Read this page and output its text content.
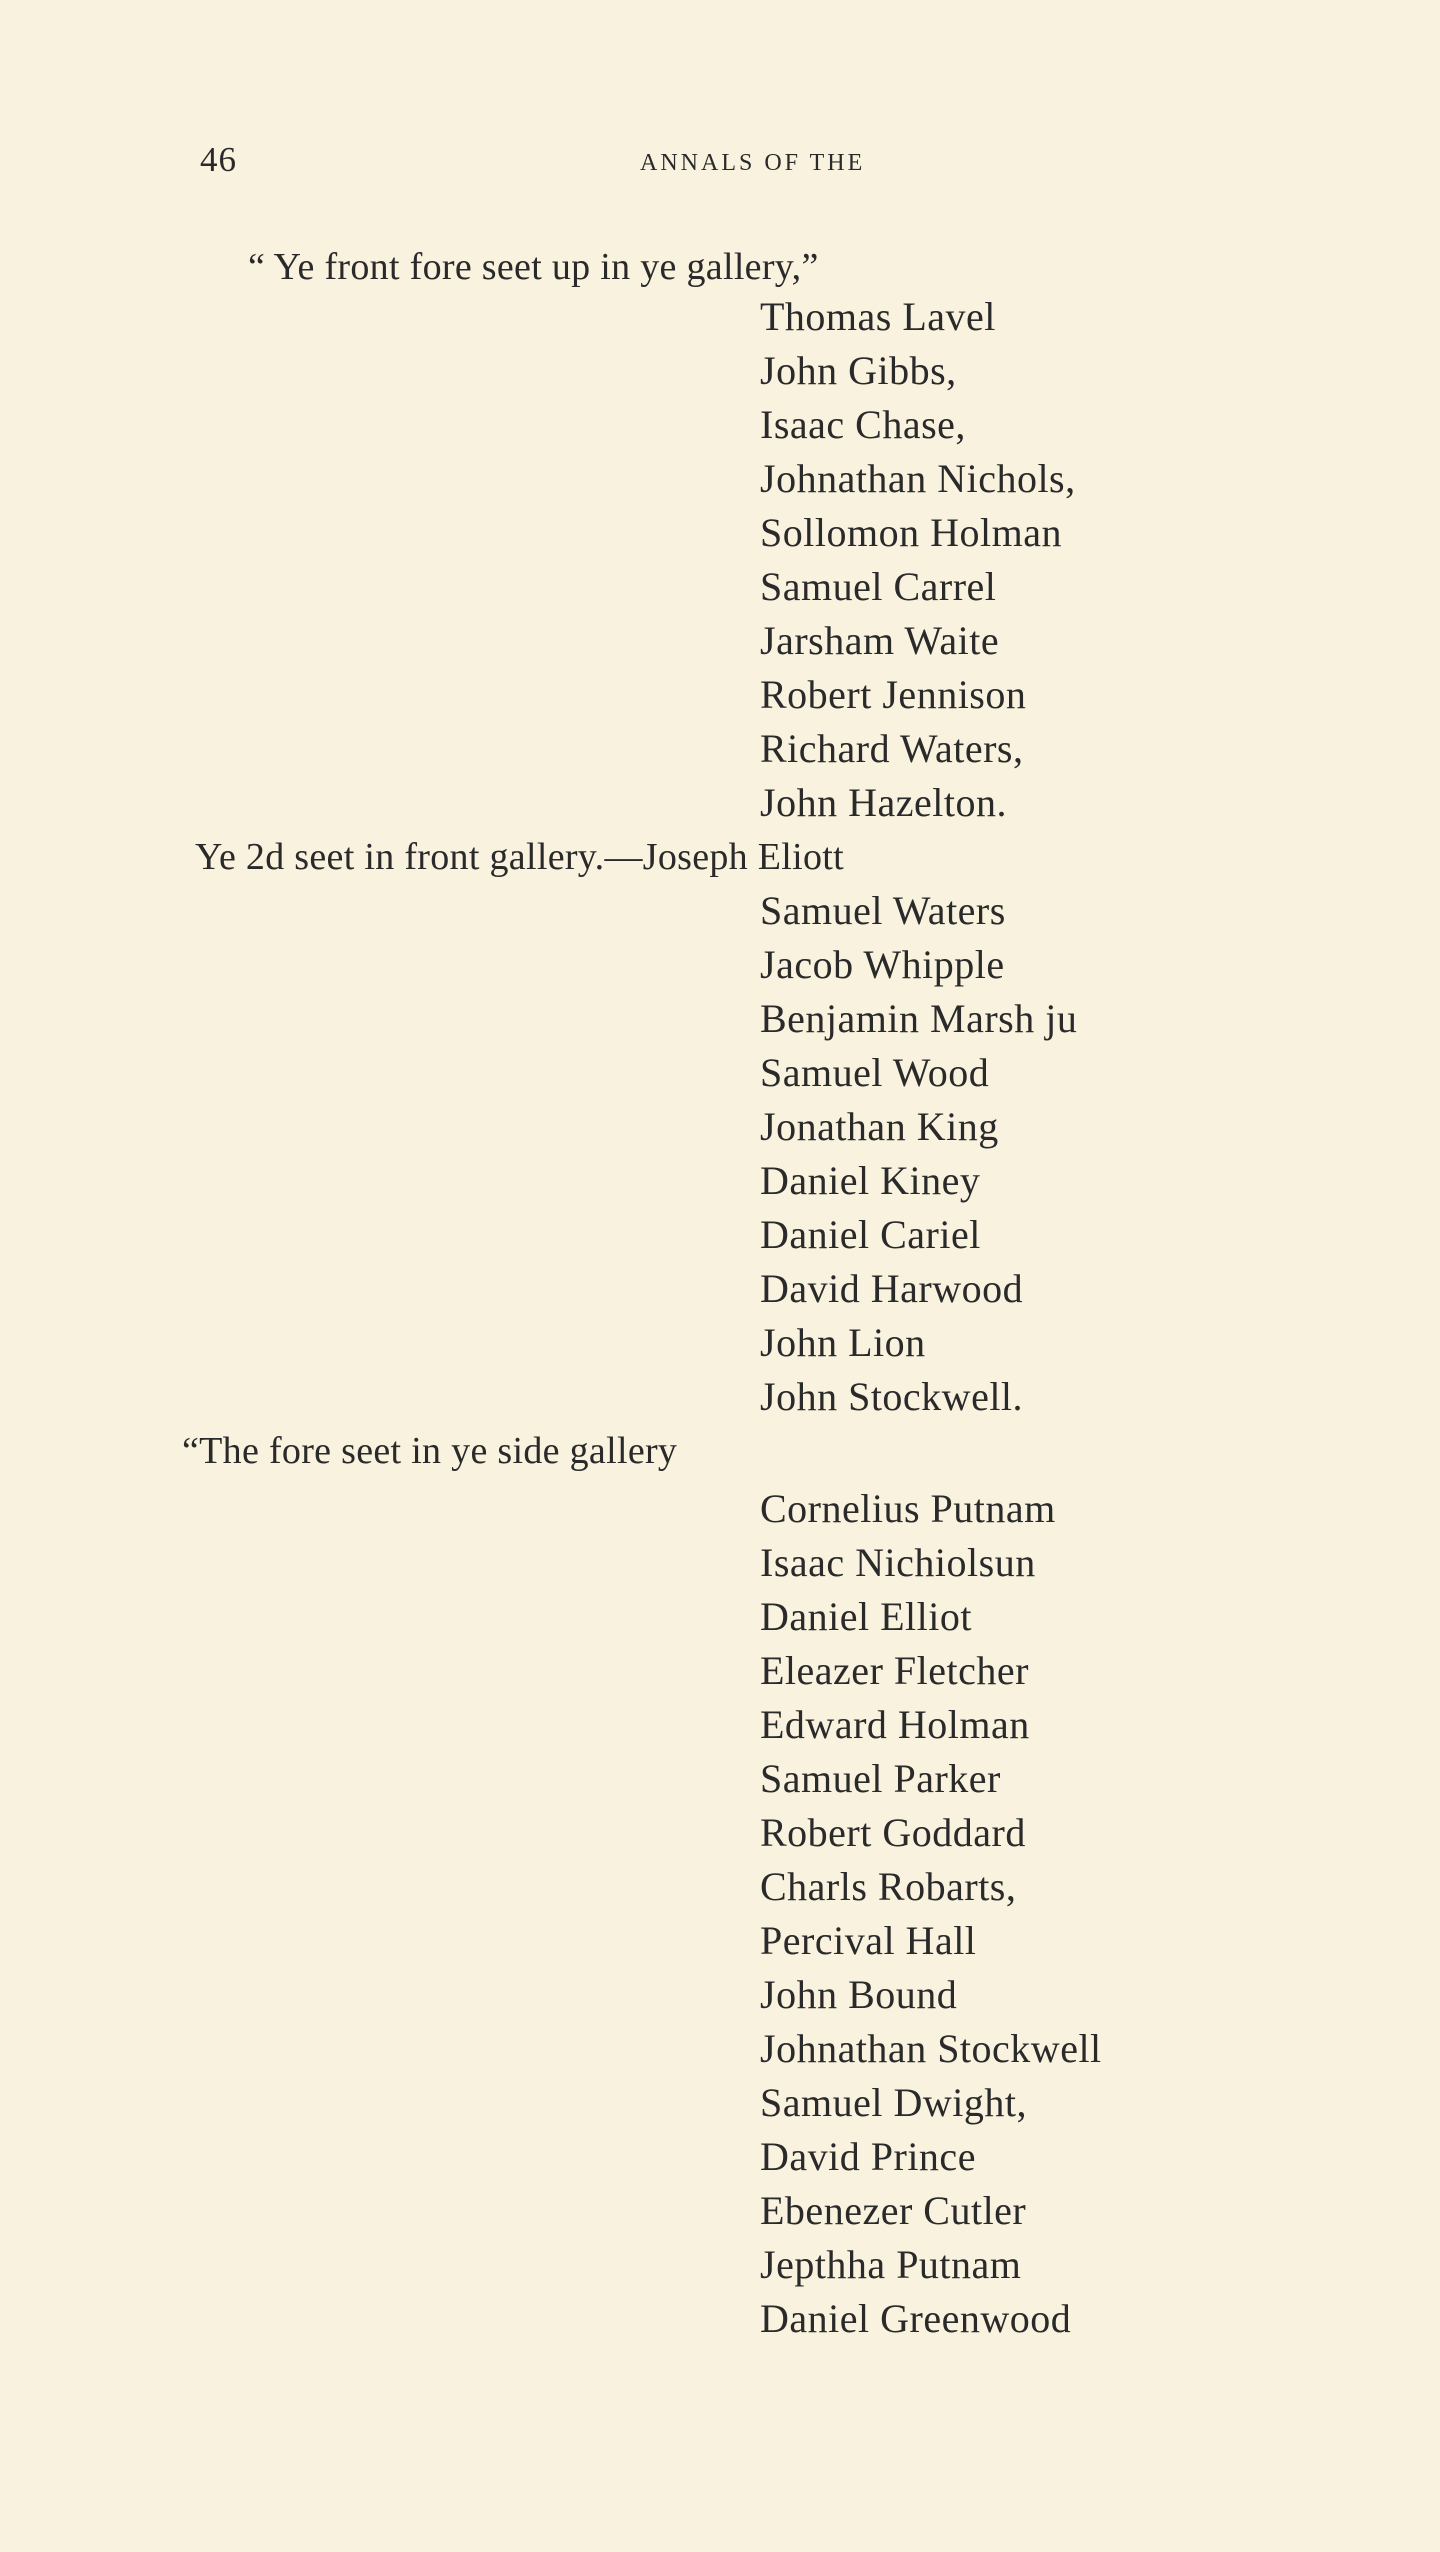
46	ANNALS OF THE
“ Ye front fore seet up in ye gallery,”
Thomas Lavel
John Gibbs,
Isaac Chase,
Johnathan Nichols,
Sollomon Holman
Samuel Carrel
Jarsham Waite
Robert Jennison
Richard Waters,
John Hazelton.
Ye 2d seet in front gallery.—Joseph Eliott
Samuel Waters
Jacob Whipple
Benjamin Marsh ju
Samuel Wood
Jonathan King
Daniel Kiney
Daniel Cariel
David Harwood
John Lion
John Stockwell.
“The fore seet in ye side gallery
Cornelius Putnam
Isaac Nichiolsun
Daniel Elliot
Eleazer Fletcher
Edward Holman
Samuel Parker
Robert Goddard
Charls Robarts,
Percival Hall
John Bound
Johnathan Stockwell
Samuel Dwight,
David Prince
Ebenezer Cutler
Jepthha Putnam
Daniel Greenwood
